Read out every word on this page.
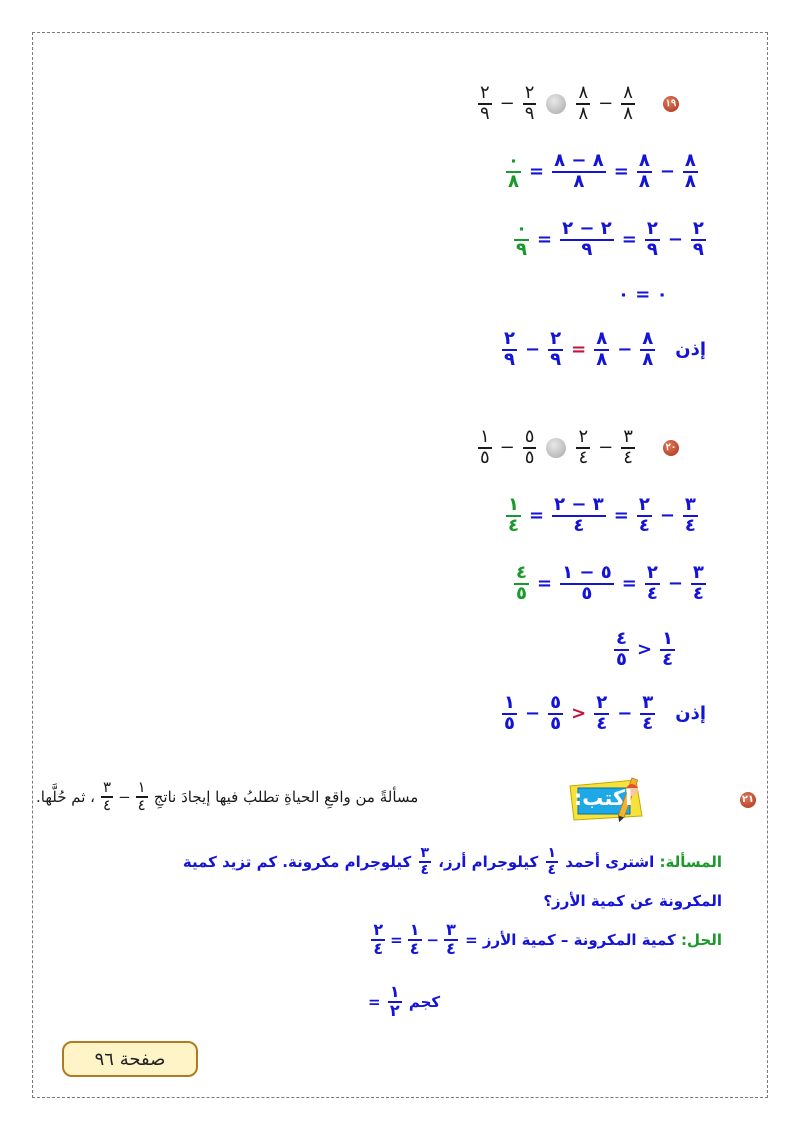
$\frac{٢}{٩} - \frac{٢}{٩} \frac{٨}{٨} - \frac{٨}{٨}$	١٩
$\frac{٠}{٨} = \frac{٨ - ٨}{٨} = \frac{٨}{٨} - \frac{٨}{٨}$
$\frac{٠}{٩} = \frac{٢ - ٢}{٩} = \frac{٢}{٩} - \frac{٢}{٩}$
٠ = ٠
$\frac{٢}{٩} - \frac{٢}{٩} = \frac{٨}{٨} - \frac{٨}{٨}$ إذن
$\frac{١}{٥} - \frac{٥}{٥} \frac{٢}{٤} - \frac{٣}{٤}$	٢٠
$\frac{١}{٤} = \frac{٣ - ٢}{٤} = \frac{٢}{٤} - \frac{٣}{٤}$
$\frac{٤}{٥} = \frac{٥ - ١}{٥} = \frac{٢}{٤} - \frac{٣}{٤}$
$\frac{٤}{٥} > \frac{١}{٤}$
$\frac{١}{٥} - \frac{٥}{٥} > \frac{٢}{٤} - \frac{٣}{٤}$ إذن
٢١
اكتب:
مسألةً من واقعِ الحياةِ تطلبُ فيها إيجادَ ناتجِ
$\frac{٣}{٤} - \frac{١}{٤}$
، ثم حُلَّها.
المسألة:

اشترى أحمد

$\frac{١}{٤}$

كيلوجرام أرز،

$\frac{٣}{٤}$

كيلوجرام مكرونة. كم تزيد كمية
المكرونة عن كمية الأرز؟
الحل:

كمية المكرونة – كمية الأرز =

$\frac{٢}{٤} = \frac{١}{٤} - \frac{٣}{٤}$
كجم

$\frac{١}{٢}$

=
صفحة ٩٦
